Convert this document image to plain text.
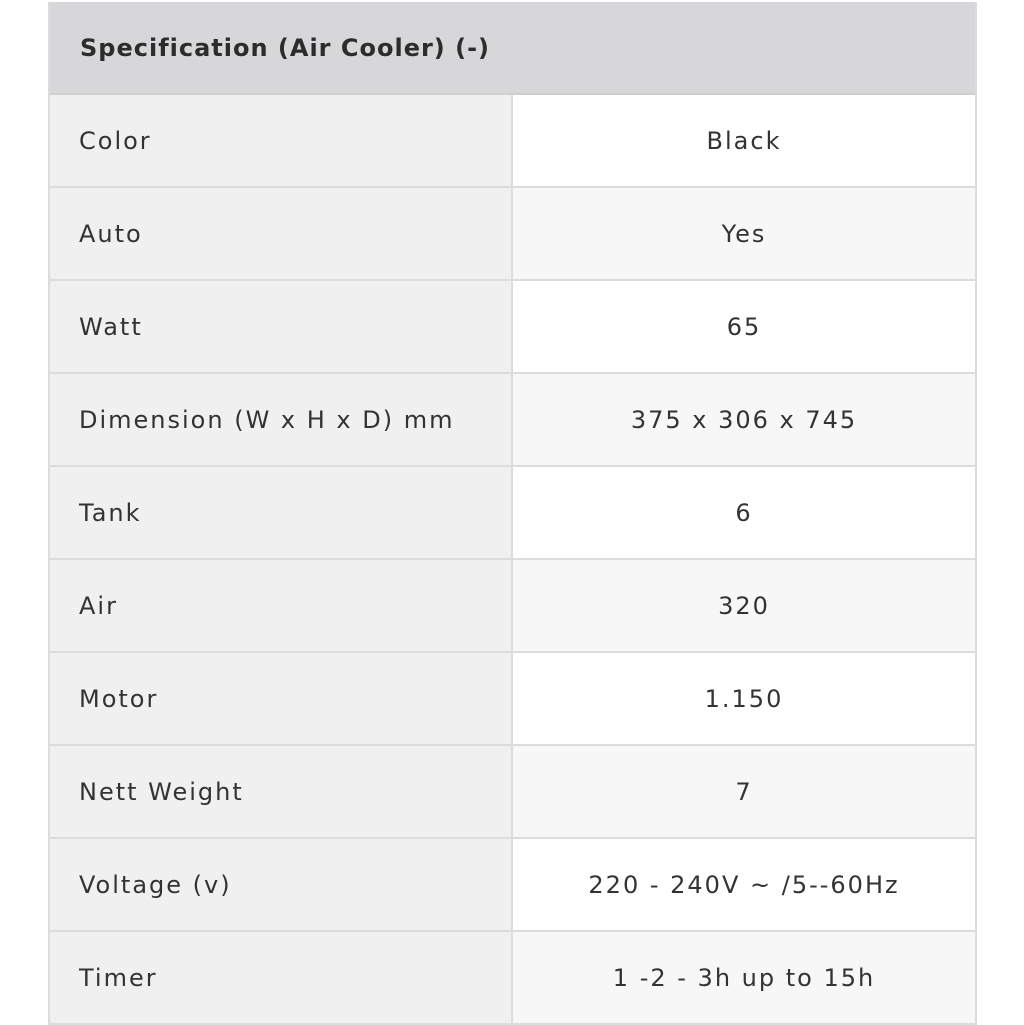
Specification (Air Cooler) (-)
Color	Black
Auto	Yes
Watt	65
Dimension (W x H x D) mm	375 x 306 x 745
Tank	6
Air	320
Motor	1.150
Nett Weight	7
Voltage (v)	220 - 240V ~ /5--60Hz
Timer	1 -2 - 3h up to 15h
